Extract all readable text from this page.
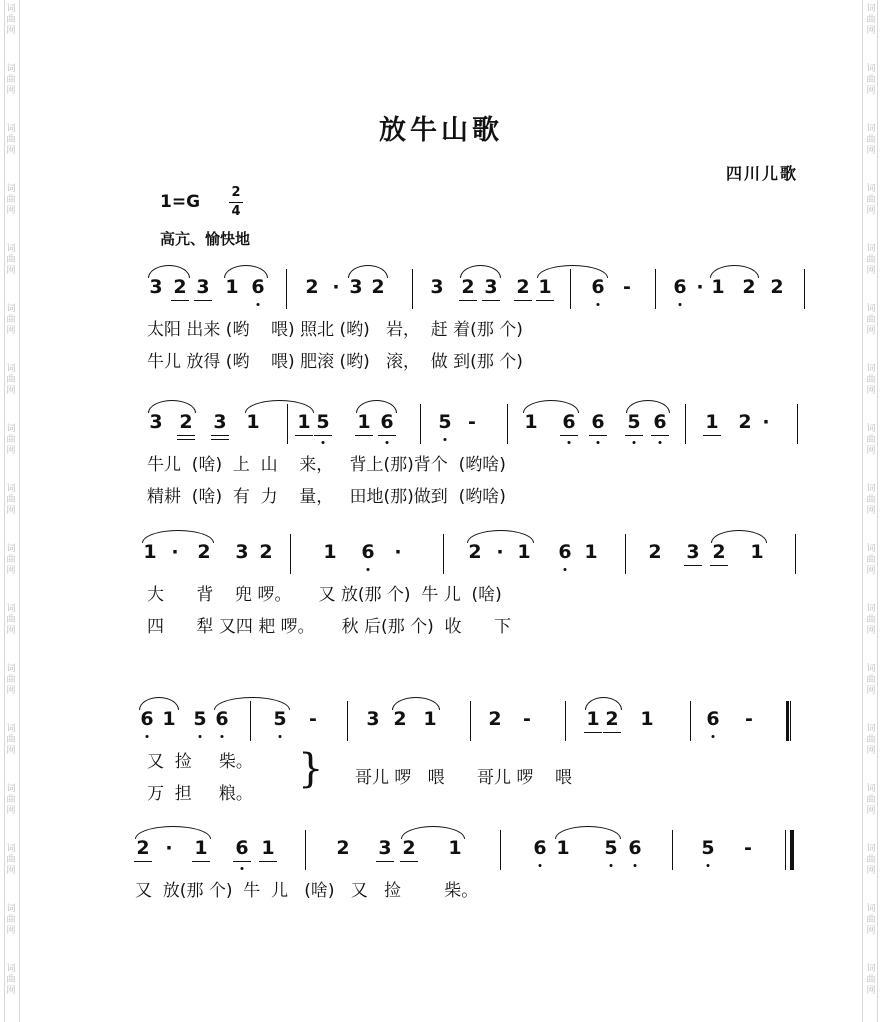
词
曲
网
词
曲
网
词
曲
网
词
曲
网
词
曲
网
词
曲
网
词
曲
网
词
曲
网
词
曲
网
词
曲
网
词
曲
网
词
曲
网
词
曲
网
词
曲
网
词
曲
网
词
曲
网
词
曲
网
词
曲
网
词
曲
网
词
曲
网
词
曲
网
词
曲
网
词
曲
网
词
曲
网
词
曲
网
词
曲
网
词
曲
网
词
曲
网
词
曲
网
词
曲
网
词
曲
网
词
曲
网
词
曲
网
词
曲
网
放牛山歌
四川儿歌
1=G 2
4
高亢、愉快地
3 2 3 1 6 2 · 3 2 3 2 3 2 1 6 - 6 · 1 2 2
太阳 出来 (哟    喂) 照北 (哟)   岩，  赶 着(那 个)
牛儿 放得 (哟    喂) 肥滚 (哟)   滚，  做 到(那 个)
3 2 3 1 1 5 1 6 5 -	1 6 6 5 6 1 2 ·
牛儿  (啥)  上  山    来，   背上(那)背个  (哟啥)
精耕  (啥)  有  力    量，   田地(那)做到  (哟啥)
1 · 2 3 2	1 6 ·	2 · 1 6 1	2 3 2 1
大      背    兜 啰。     又 放(那 个)  牛 儿  (啥)
四      犁 又四 耙 啰。     秋 后(那 个)  收      下
6 1 5 6 5 -	3 2 1	2 -	1 2 1	6 -
又  捡     柴。
万  担     粮。
} 哥儿 啰   喂      哥儿 啰    喂
2 · 1 6 1	2 3 2 1	6 1 5 6	5 -
又  放(那 个)  牛  儿   (啥)   又   捡        柴。
